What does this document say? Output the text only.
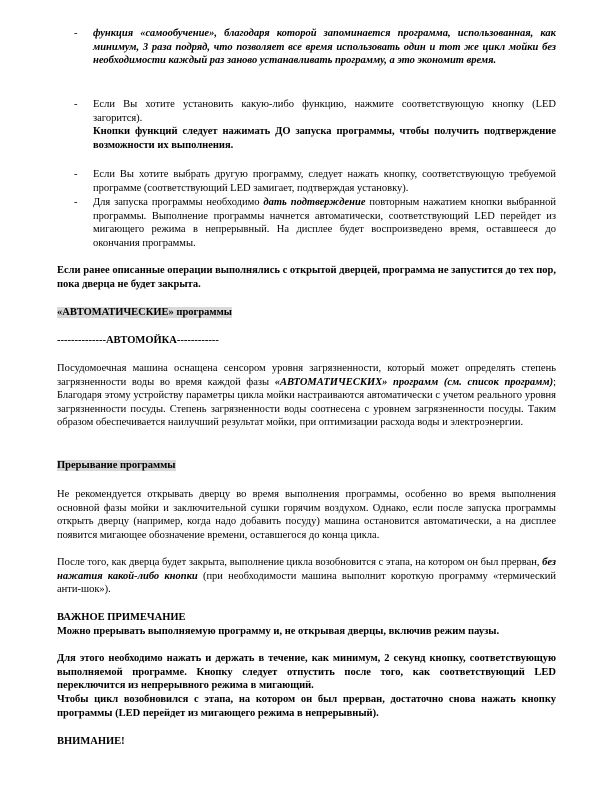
-	функция «самообучение», благодаря которой запоминается программа, использованная, как минимум, 3 раза подряд, что позволяет все время использовать один и тот же цикл мойки без необходимости каждый раз заново устанавливать программу, а это экономит время.
-	Если Вы хотите установить какую-либо функцию, нажмите соответствующую кнопку (LED загорится).
Кнопки функций следует нажимать ДО запуска программы, чтобы получить подтверждение возможности их выполнения.
-	Если Вы хотите выбрать другую программу, следует нажать кнопку, соответствующую требуемой программе (соответствующий LED замигает, подтверждая установку).
-	Для запуска программы необходимо дать подтверждение повторным нажатием кнопки выбранной программы. Выполнение программы начнется автоматически, соответствующий LED перейдет из мигающего режима в непрерывный. На дисплее будет воспроизведено время, оставшееся до окончания программы.
Если ранее описанные операции выполнялись с открытой дверцей, программа не запустится до тех пор, пока дверца не будет закрыта.
«АВТОМАТИЧЕСКИЕ» программы
--------------АВТОМОЙКА------------
Посудомоечная машина оснащена сенсором уровня загрязненности, который может определять степень загрязненности воды во время каждой фазы «АВТОМАТИЧЕСКИХ» программ (см. список программ); Благодаря этому устройству параметры цикла мойки настраиваются автоматически с учетом реального уровня загрязненности посуды. Степень загрязненности воды соотнесена с уровнем загрязненности посуды. Таким образом обеспечивается наилучший результат мойки, при оптимизации расхода воды и электроэнергии.
Прерывание программы
Не рекомендуется открывать дверцу во время выполнения программы, особенно во время выполнения основной фазы мойки и заключительной сушки горячим воздухом. Однако, если после запуска программы открыть дверцу (например, когда надо добавить посуду) машина остановится автоматически, а на дисплее появится мигающее обозначение времени, оставшегося до конца цикла.
После того, как дверца будет закрыта, выполнение цикла возобновится с этапа, на котором он был прерван, без нажатия какой-либо кнопки (при необходимости машина выполнит короткую программу «термический анти-шок»).
ВАЖНОЕ ПРИМЕЧАНИЕ
Можно прерывать выполняемую программу и, не открывая дверцы, включив режим паузы.
Для этого необходимо нажать и держать в течение, как минимум, 2 секунд кнопку, соответствующую выполняемой программе. Кнопку следует отпустить после того, как соответствующий LED переключится из непрерывного режима в мигающий.
Чтобы цикл возобновился с этапа, на котором он был прерван, достаточно снова нажать кнопку программы (LED перейдет из мигающего режима в непрерывный).
ВНИМАНИЕ!
